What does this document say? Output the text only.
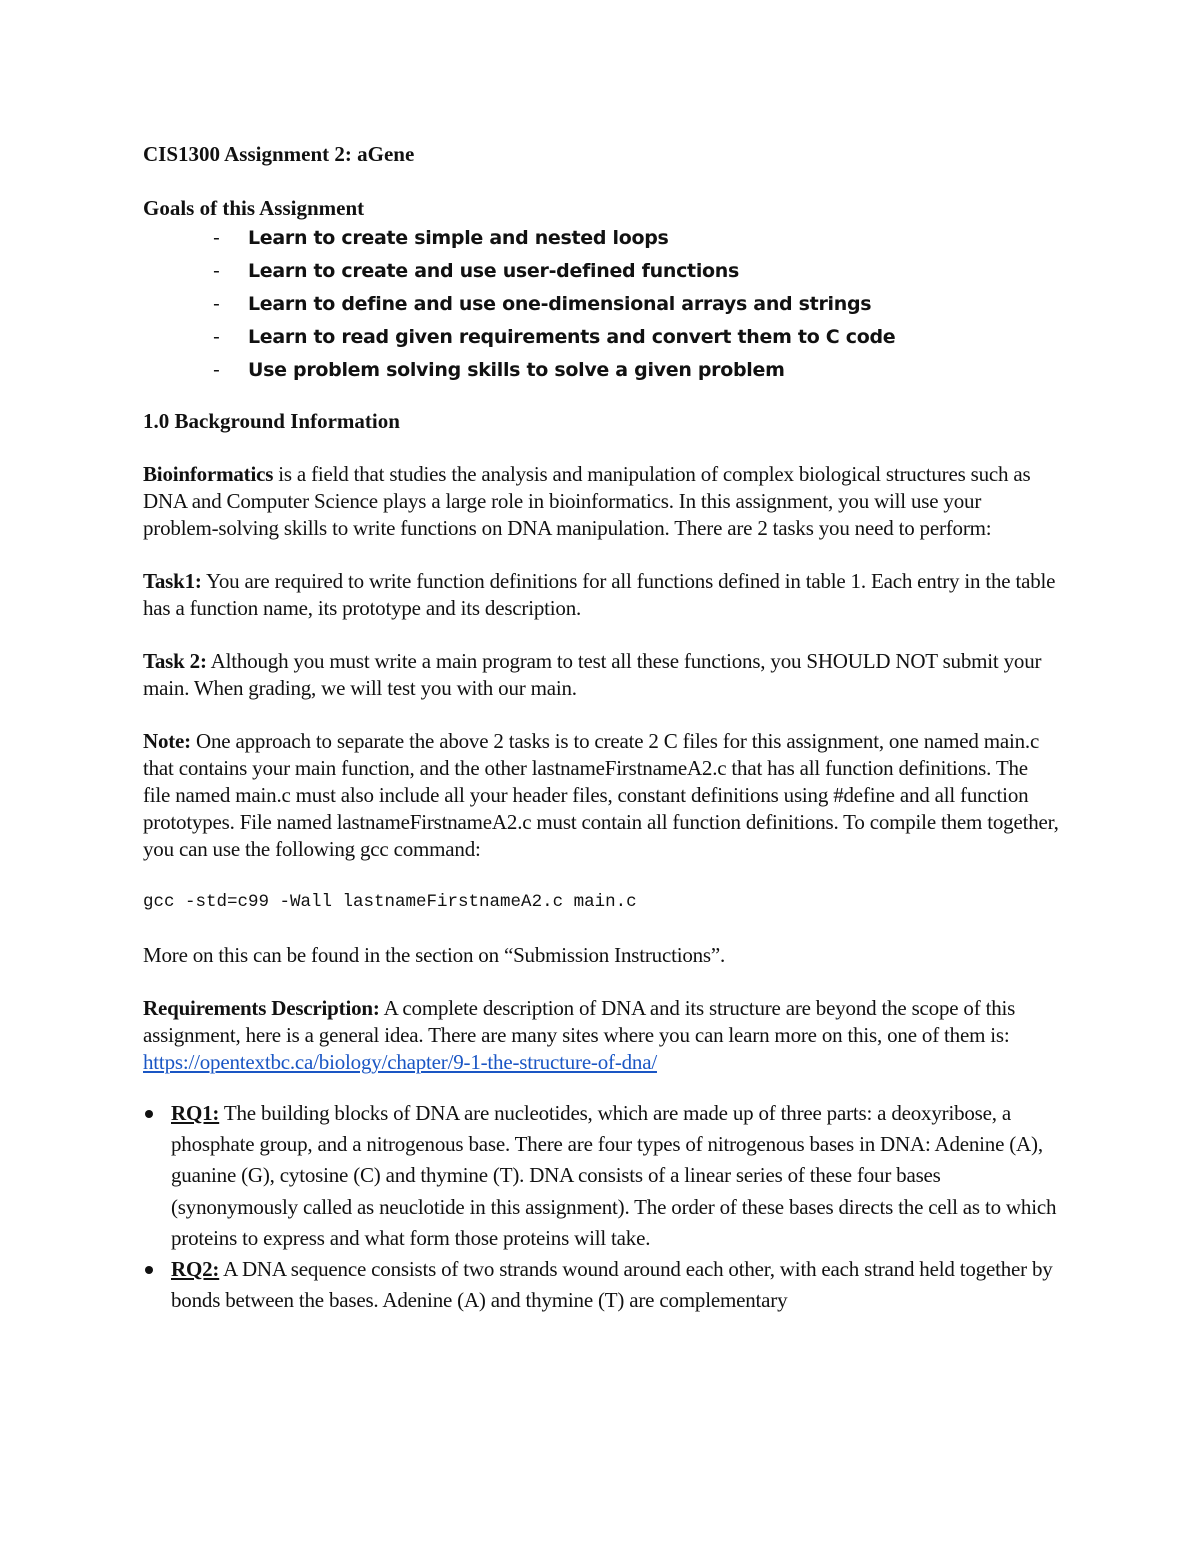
CIS1300 Assignment 2: aGene
Goals of this Assignment
- Learn to create simple and nested loops
- Learn to create and use user-defined functions
- Learn to define and use one-dimensional arrays and strings
- Learn to read given requirements and convert them to C code
- Use problem solving skills to solve a given problem
1.0 Background Information

Bioinformatics is a field that studies the analysis and manipulation of complex biological structures such as DNA and Computer Science plays a large role in bioinformatics. In this assignment, you will use your problem-solving skills to write functions on DNA manipulation. There are 2 tasks you need to perform:

Task1: You are required to write function definitions for all functions defined in table 1. Each entry in the table has a function name, its prototype and its description.

Task 2: Although you must write a main program to test all these functions, you SHOULD NOT submit your main. When grading, we will test you with our main.

Note: One approach to separate the above 2 tasks is to create 2 C files for this assignment, one named main.c that contains your main function, and the other lastnameFirstnameA2.c that has all function definitions. The file named main.c must also include all your header files, constant definitions using #define and all function prototypes. File named lastnameFirstnameA2.c must contain all function definitions. To compile them together, you can use the following gcc command:

gcc -std=c99 -Wall lastnameFirstnameA2.c main.c

More on this can be found in the section on “Submission Instructions”.

Requirements Description: A complete description of DNA and its structure are beyond the scope of this assignment, here is a general idea. There are many sites where you can learn more on this, one of them is: https://opentextbc.ca/biology/chapter/9-1-the-structure-of-dna/

RQ1: The building blocks of DNA are nucleotides, which are made up of three parts: a deoxyribose, a phosphate group, and a nitrogenous base. There are four types of nitrogenous bases in DNA: Adenine (A), guanine (G), cytosine (C) and thymine (T). DNA consists of a linear series of these four bases (synonymously called as neuclotide in this assignment). The order of these bases directs the cell as to which proteins to express and what form those proteins will take.
RQ2: A DNA sequence consists of two strands wound around each other, with each strand held together by bonds between the bases. Adenine (A) and thymine (T) are complementary
